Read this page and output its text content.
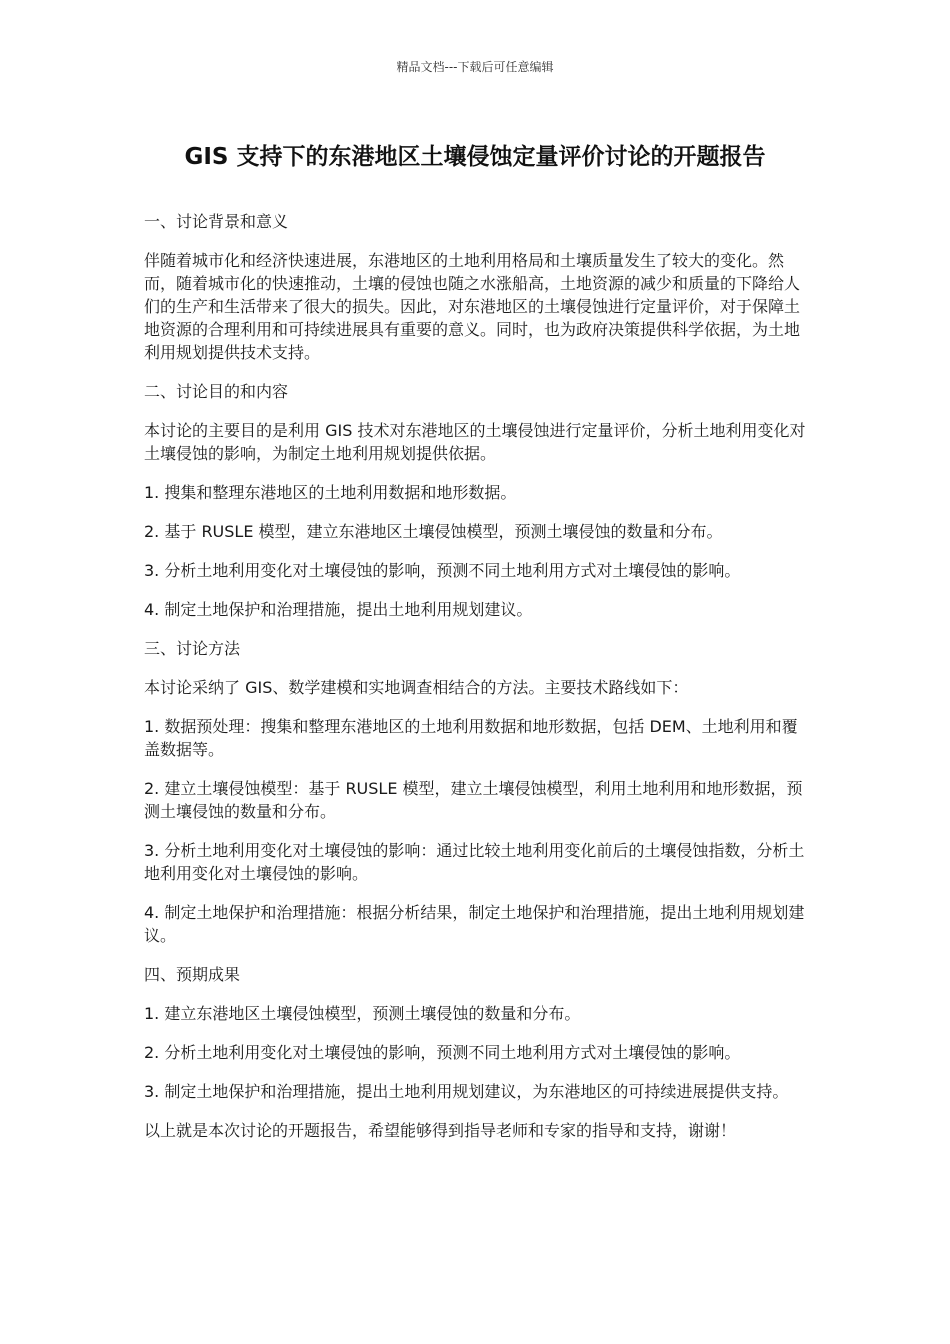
精品文档---下载后可任意编辑
GIS 支持下的东港地区土壤侵蚀定量评价讨论的开题报告

一、讨论背景和意义

伴随着城市化和经济快速进展，东港地区的土地利用格局和土壤质量发生了较大的变化。然而，随着城市化的快速推动，土壤的侵蚀也随之水涨船高，土地资源的减少和质量的下降给人们的生产和生活带来了很大的损失。因此，对东港地区的土壤侵蚀进行定量评价，对于保障土地资源的合理利用和可持续进展具有重要的意义。同时，也为政府决策提供科学依据，为土地利用规划提供技术支持。

二、讨论目的和内容

本讨论的主要目的是利用 GIS 技术对东港地区的土壤侵蚀进行定量评价，分析土地利用变化对土壤侵蚀的影响，为制定土地利用规划提供依据。

1. 搜集和整理东港地区的土地利用数据和地形数据。

2. 基于 RUSLE 模型，建立东港地区土壤侵蚀模型，预测土壤侵蚀的数量和分布。

3. 分析土地利用变化对土壤侵蚀的影响，预测不同土地利用方式对土壤侵蚀的影响。

4. 制定土地保护和治理措施，提出土地利用规划建议。

三、讨论方法

本讨论采纳了 GIS、数学建模和实地调查相结合的方法。主要技术路线如下：

1. 数据预处理：搜集和整理东港地区的土地利用数据和地形数据，包括 DEM、土地利用和覆盖数据等。

2. 建立土壤侵蚀模型：基于 RUSLE 模型，建立土壤侵蚀模型，利用土地利用和地形数据，预测土壤侵蚀的数量和分布。

3. 分析土地利用变化对土壤侵蚀的影响：通过比较土地利用变化前后的土壤侵蚀指数，分析土地利用变化对土壤侵蚀的影响。

4. 制定土地保护和治理措施：根据分析结果，制定土地保护和治理措施，提出土地利用规划建议。

四、预期成果

1. 建立东港地区土壤侵蚀模型，预测土壤侵蚀的数量和分布。

2. 分析土地利用变化对土壤侵蚀的影响，预测不同土地利用方式对土壤侵蚀的影响。

3. 制定土地保护和治理措施，提出土地利用规划建议，为东港地区的可持续进展提供支持。

以上就是本次讨论的开题报告，希望能够得到指导老师和专家的指导和支持，谢谢！
